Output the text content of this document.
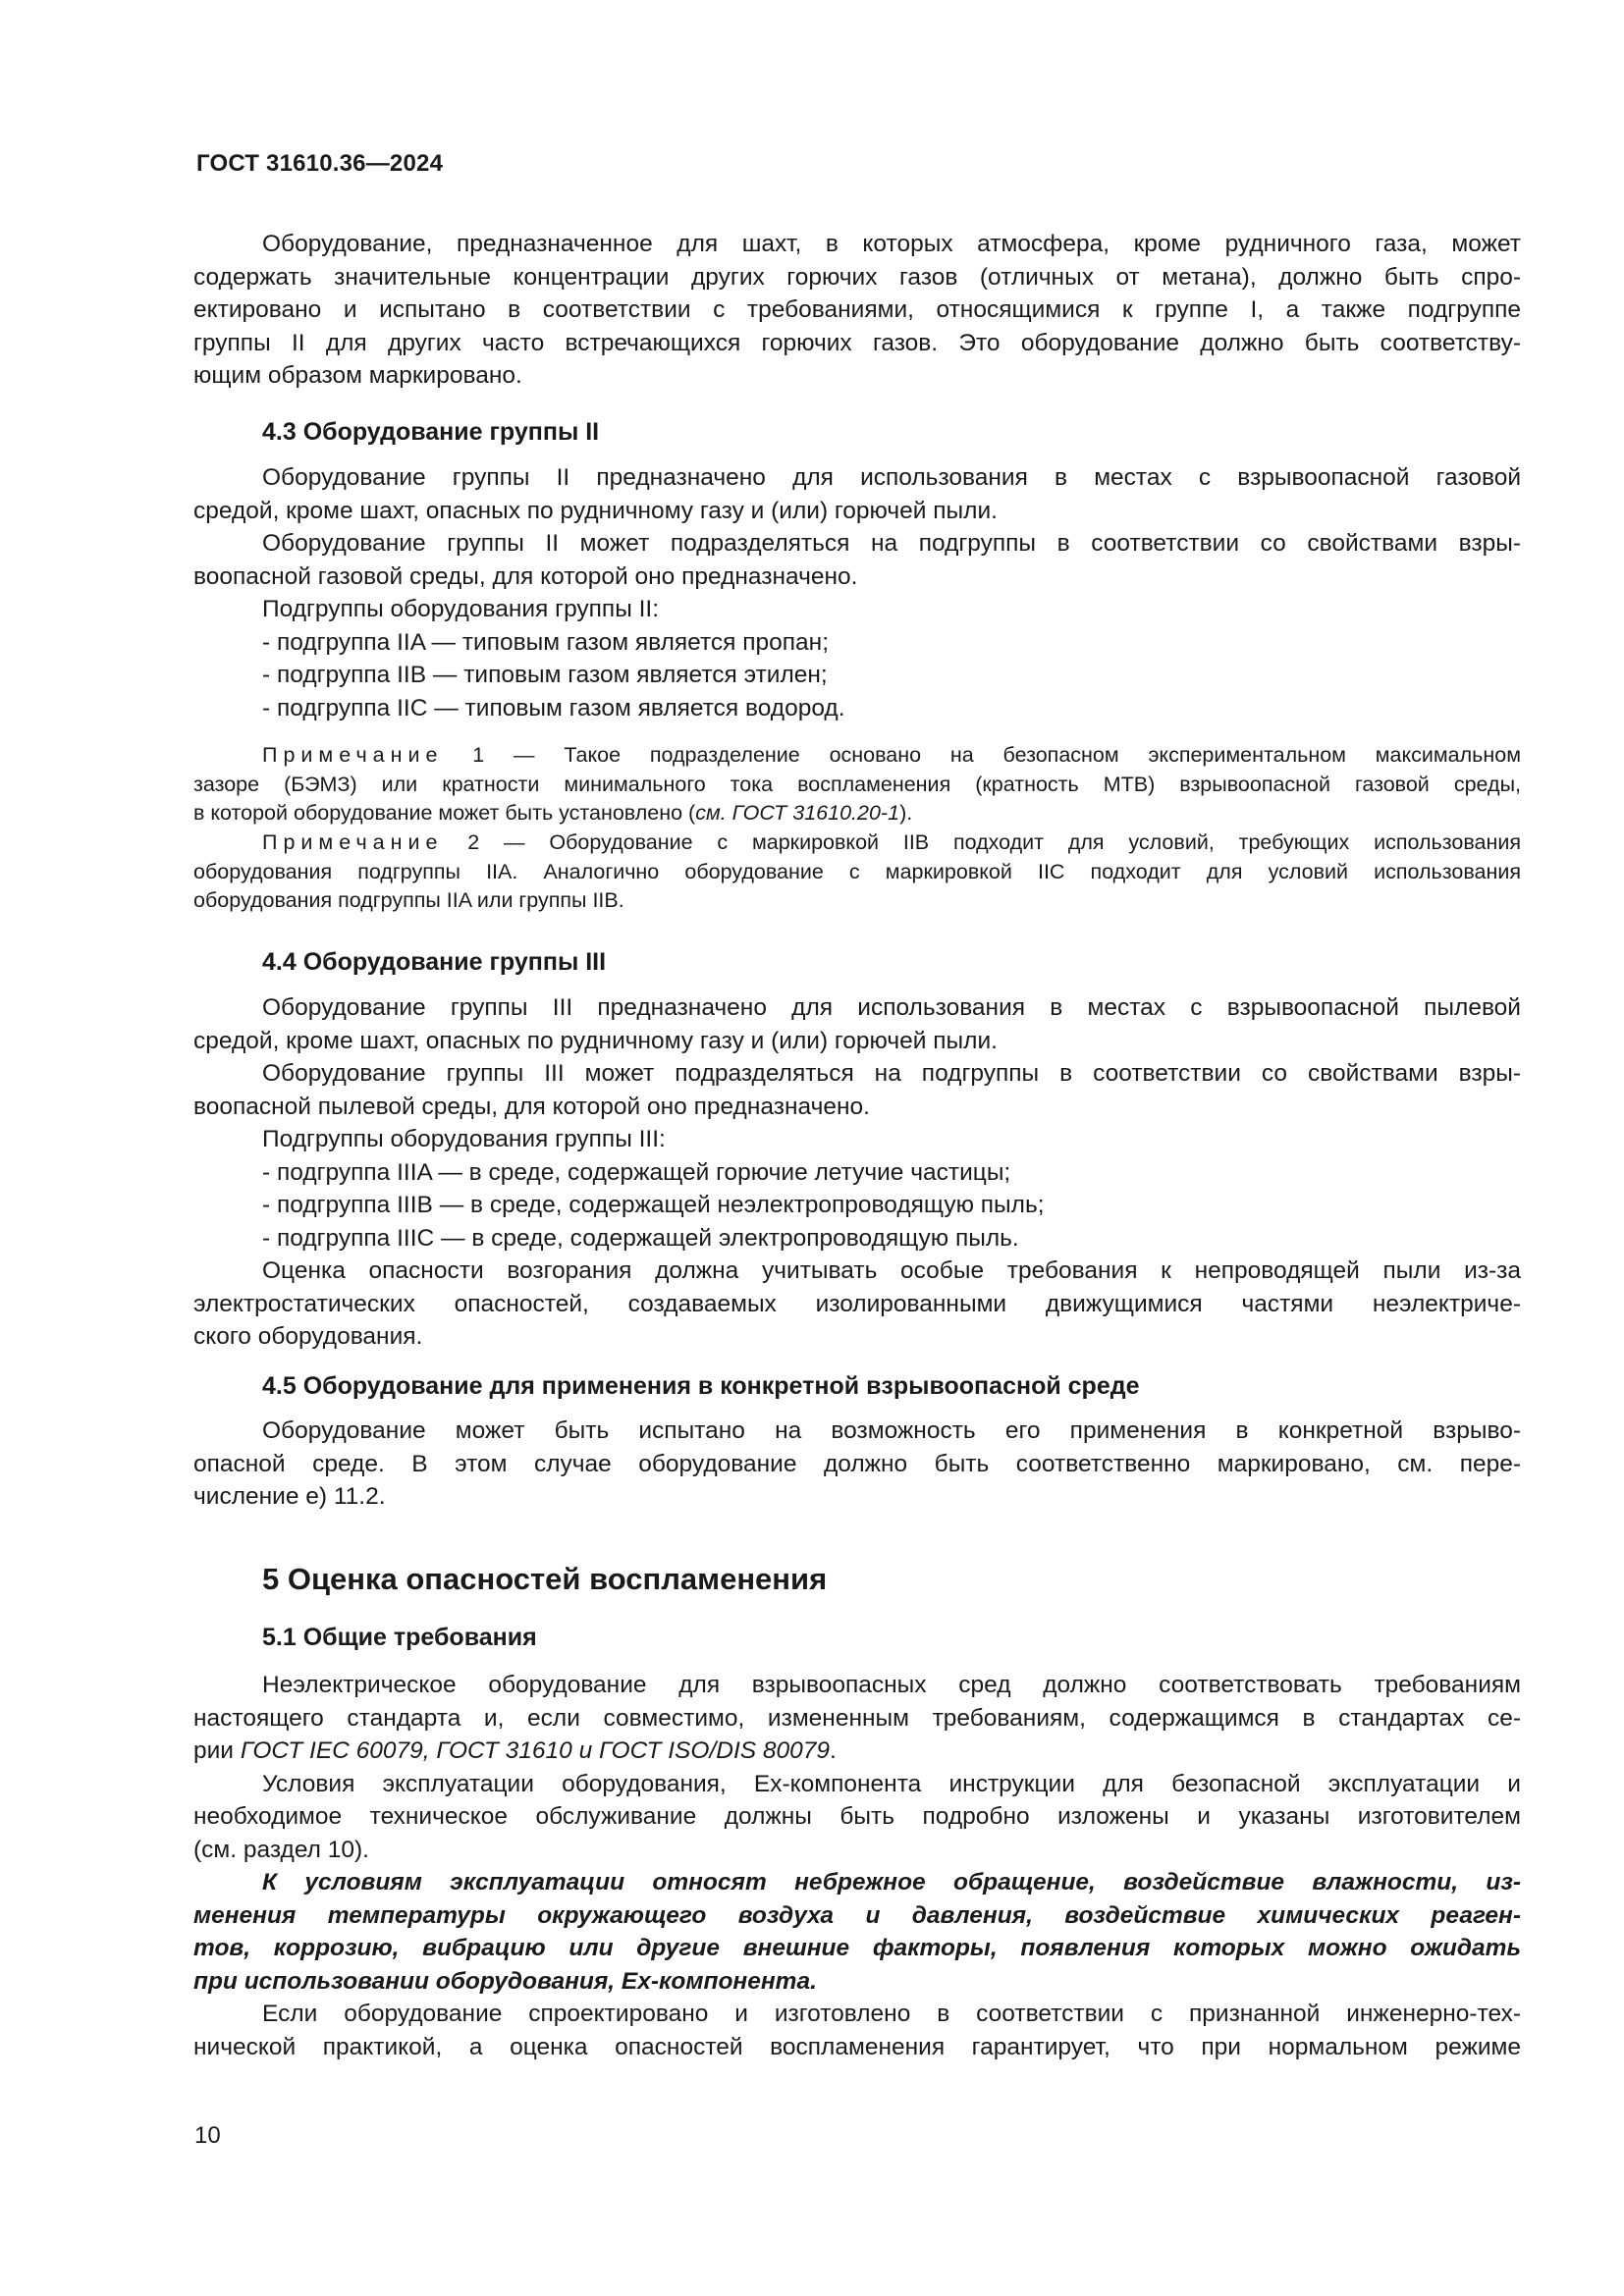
ГОСТ 31610.36—2024

Оборудование, предназначенное для шахт, в которых атмосфера, кроме рудничного газа, может
содержать значительные концентрации других горючих газов (отличных от метана), должно быть спро-
ектировано и испытано в соответствии с требованиями, относящимися к группе I, а также подгруппе
группы II для других часто встречающихся горючих газов. Это оборудование должно быть соответству-
ющим образом маркировано.

4.3 Оборудование группы II

Оборудование группы II предназначено для использования в местах с взрывоопасной газовой
средой, кроме шахт, опасных по рудничному газу и (или) горючей пыли.
Оборудование группы II может подразделяться на подгруппы в соответствии со свойствами взры-
воопасной газовой среды, для которой оно предназначено.
Подгруппы оборудования группы II:
- подгруппа IIA — типовым газом является пропан;
- подгруппа IIB — типовым газом является этилен;
- подгруппа IIC — типовым газом является водород.

Примечание 1 — Такое подразделение основано на безопасном экспериментальном максимальном
зазоре (БЭМЗ) или кратности минимального тока воспламенения (кратность МТВ) взрывоопасной газовой среды,
в которой оборудование может быть установлено (см. ГОСТ 31610.20-1).
Примечание 2 — Оборудование с маркировкой IIB подходит для условий, требующих использования
оборудования подгруппы IIA. Аналогично оборудование с маркировкой IIC подходит для условий использования
оборудования подгруппы IIA или группы IIB.
4.4 Оборудование группы III

Оборудование группы III предназначено для использования в местах с взрывоопасной пылевой
средой, кроме шахт, опасных по рудничному газу и (или) горючей пыли.
Оборудование группы III может подразделяться на подгруппы в соответствии со свойствами взры-
воопасной пылевой среды, для которой оно предназначено.
Подгруппы оборудования группы III:
- подгруппа IIIA — в среде, содержащей горючие летучие частицы;
- подгруппа IIIB — в среде, содержащей неэлектропроводящую пыль;
- подгруппа IIIC — в среде, содержащей электропроводящую пыль.
Оценка опасности возгорания должна учитывать особые требования к непроводящей пыли из-за
электростатических опасностей, создаваемых изолированными движущимися частями неэлектриче-
ского оборудования.

4.5 Оборудование для применения в конкретной взрывоопасной среде

Оборудование может быть испытано на возможность его применения в конкретной взрыво-
опасной среде. В этом случае оборудование должно быть соответственно маркировано, см. пере-
числение е) 11.2.

5 Оценка опасностей воспламенения
5.1 Общие требования

Неэлектрическое оборудование для взрывоопасных сред должно соответствовать требованиям
настоящего стандарта и, если совместимо, измененным требованиям, содержащимся в стандартах се-
рии ГОСТ IEC 60079, ГОСТ 31610 и ГОСТ ISO/DIS 80079.
Условия эксплуатации оборудования, Ex-компонента инструкции для безопасной эксплуатации и
необходимое техническое обслуживание должны быть подробно изложены и указаны изготовителем
(см. раздел 10).
К условиям эксплуатации относят небрежное обращение, воздействие влажности, из-
менения температуры окружающего воздуха и давления, воздействие химических реаген-
тов, коррозию, вибрацию или другие внешние факторы, появления которых можно ожидать
при использовании оборудования, Ex-компонента.
Если оборудование спроектировано и изготовлено в соответствии с признанной инженерно-тех-
нической практикой, а оценка опасностей воспламенения гарантирует, что при нормальном режиме

10
